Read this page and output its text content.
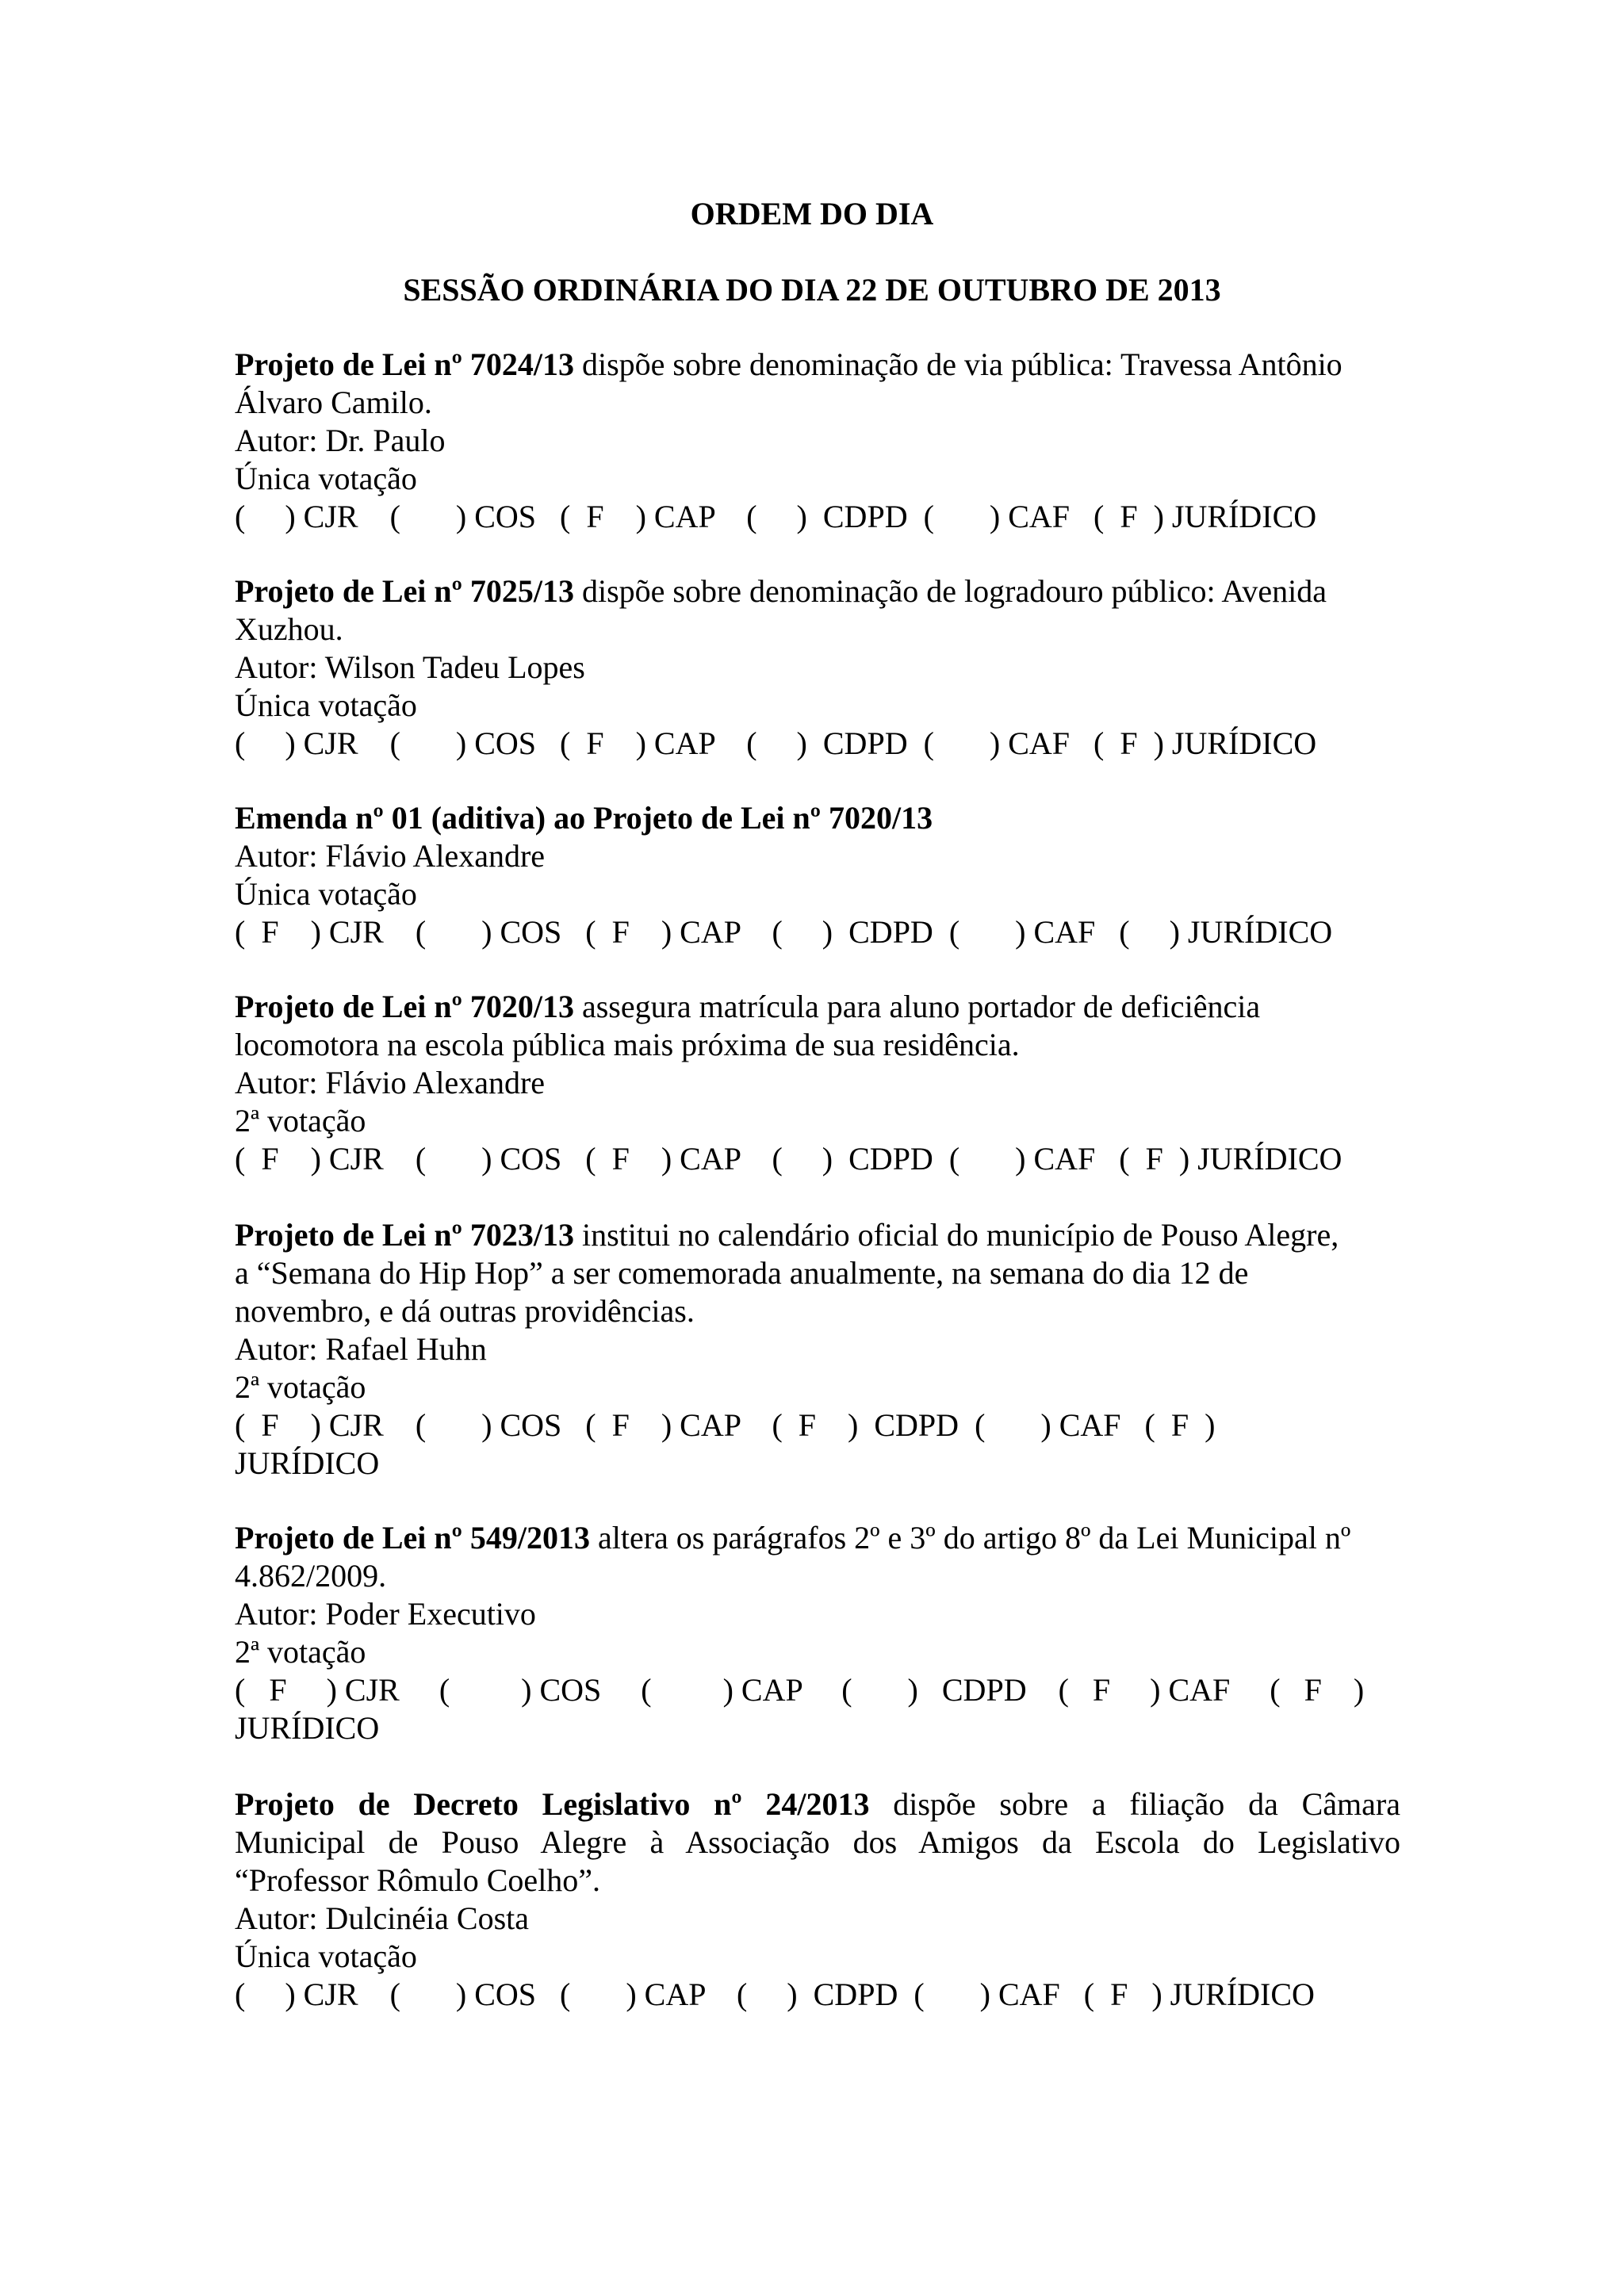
ORDEM DO DIA
SESSÃO ORDINÁRIA DO DIA 22 DE OUTUBRO DE 2013
Projeto de Lei nº 7024/13 dispõe sobre denominação de via pública: Travessa Antônio
Álvaro Camilo.
Autor: Dr. Paulo
Única votação
(     ) CJR    (       ) COS   (  F    ) CAP    (     )  CDPD  (       ) CAF   (  F  ) JURÍDICO
Projeto de Lei nº 7025/13 dispõe sobre denominação de logradouro público: Avenida
Xuzhou.
Autor: Wilson Tadeu Lopes
Única votação
(     ) CJR    (       ) COS   (  F    ) CAP    (     )  CDPD  (       ) CAF   (  F  ) JURÍDICO
Emenda nº 01 (aditiva) ao Projeto de Lei nº 7020/13
Autor: Flávio Alexandre
Única votação
(  F    ) CJR    (       ) COS   (  F    ) CAP    (     )  CDPD  (       ) CAF   (     ) JURÍDICO
Projeto de Lei nº 7020/13 assegura matrícula para aluno portador de deficiência
locomotora na escola pública mais próxima de sua residência.
Autor: Flávio Alexandre
2ª votação
(  F    ) CJR    (       ) COS   (  F    ) CAP    (     )  CDPD  (       ) CAF   (  F  ) JURÍDICO
Projeto de Lei nº 7023/13 institui no calendário oficial do município de Pouso Alegre,
a “Semana do Hip Hop” a ser comemorada anualmente, na semana do dia 12 de
novembro, e dá outras providências.
Autor: Rafael Huhn
2ª votação
(  F    ) CJR    (       ) COS   (  F    ) CAP    (  F    )  CDPD  (       ) CAF   (  F  )
JURÍDICO
Projeto de Lei nº 549/2013 altera os parágrafos 2º e 3º do artigo 8º da Lei Municipal nº
4.862/2009.
Autor: Poder Executivo
2ª votação
(   F     ) CJR     (         ) COS     (         ) CAP     (       )   CDPD    (   F     ) CAF     (   F    )
JURÍDICO
Projeto de Decreto Legislativo nº 24/2013 dispõe sobre a filiação da Câmara
Municipal de Pouso Alegre à Associação dos Amigos da Escola do Legislativo
“Professor Rômulo Coelho”.
Autor: Dulcinéia Costa
Única votação
(     ) CJR    (       ) COS   (       ) CAP    (     )  CDPD  (       ) CAF   (  F   ) JURÍDICO
